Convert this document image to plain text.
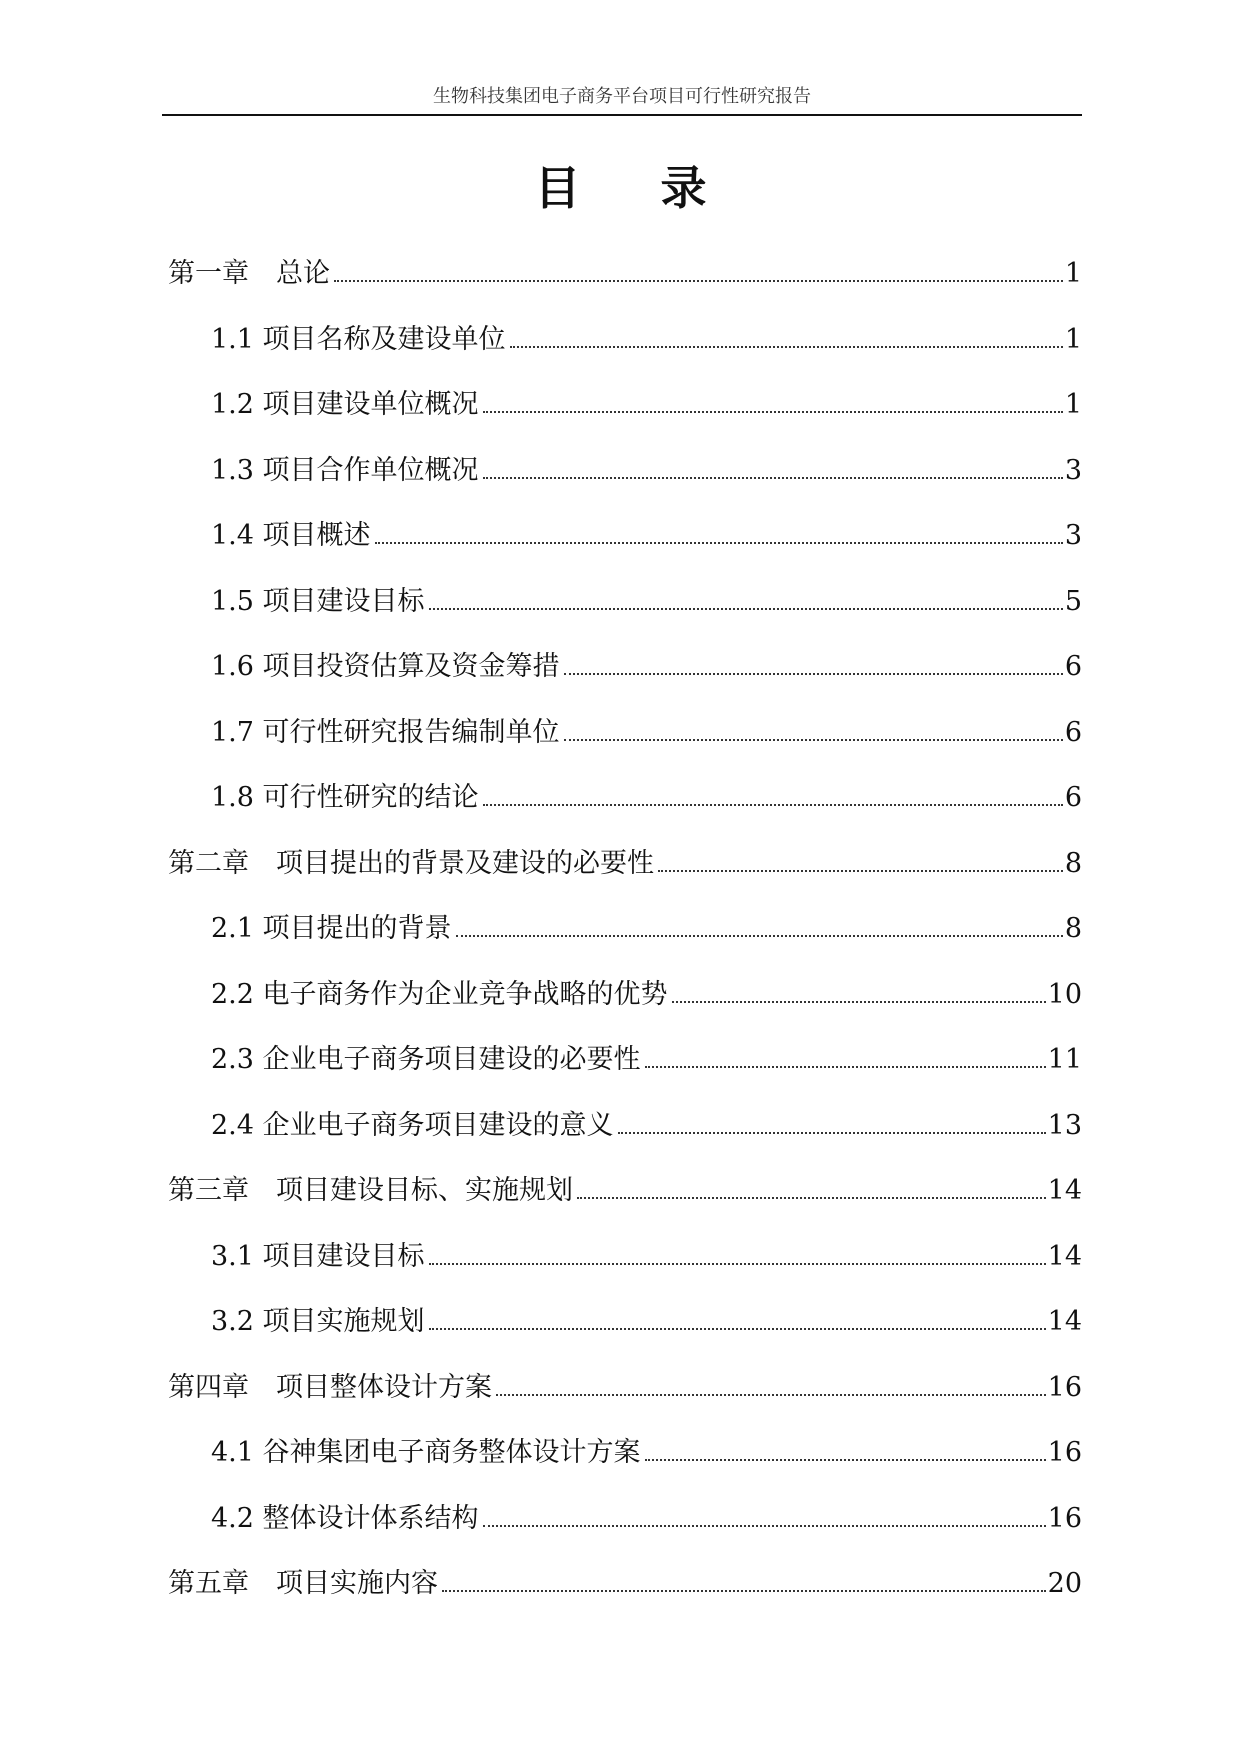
生物科技集团电子商务平台项目可行性研究报告
目录
第一章　总论	1
1.1 项目名称及建设单位	1
1.2 项目建设单位概况	1
1.3 项目合作单位概况	3
1.4 项目概述	3
1.5 项目建设目标	5
1.6 项目投资估算及资金筹措	6
1.7 可行性研究报告编制单位	6
1.8 可行性研究的结论	6
第二章　项目提出的背景及建设的必要性	8
2.1 项目提出的背景	8
2.2 电子商务作为企业竞争战略的优势	10
2.3 企业电子商务项目建设的必要性	11
2.4 企业电子商务项目建设的意义	13
第三章　项目建设目标、实施规划	14
3.1 项目建设目标	14
3.2 项目实施规划	14
第四章　项目整体设计方案	16
4.1 谷神集团电子商务整体设计方案	16
4.2 整体设计体系结构	16
第五章　项目实施内容	20
